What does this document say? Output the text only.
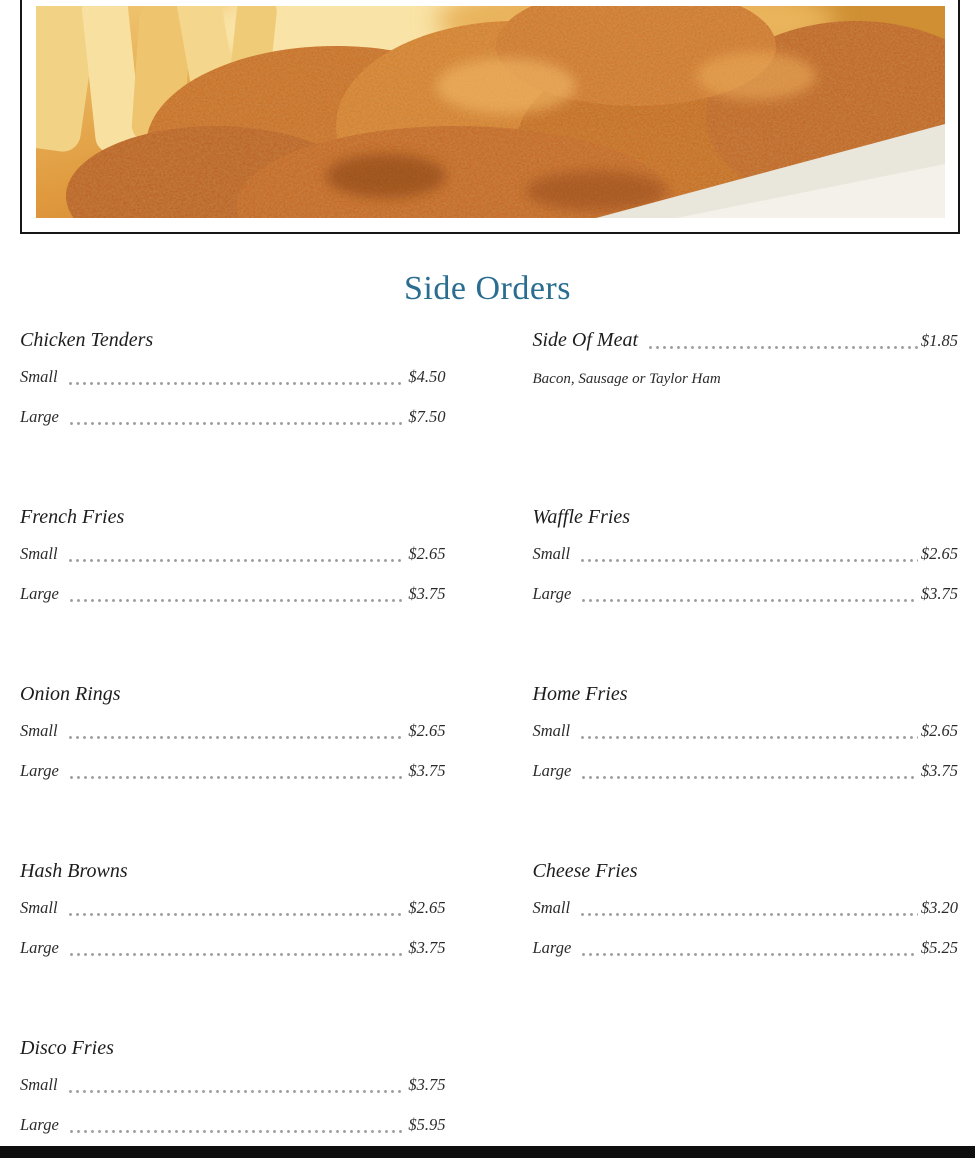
Side Orders
Chicken Tenders
Small	$4.50
Large	$7.50
Side Of Meat	$1.85
Bacon, Sausage or Taylor Ham
French Fries
Small	$2.65
Large	$3.75
Waffle Fries
Small	$2.65
Large	$3.75
Onion Rings
Small	$2.65
Large	$3.75
Home Fries
Small	$2.65
Large	$3.75
Hash Browns
Small	$2.65
Large	$3.75
Cheese Fries
Small	$3.20
Large	$5.25
Disco Fries
Small	$3.75
Large	$5.95
